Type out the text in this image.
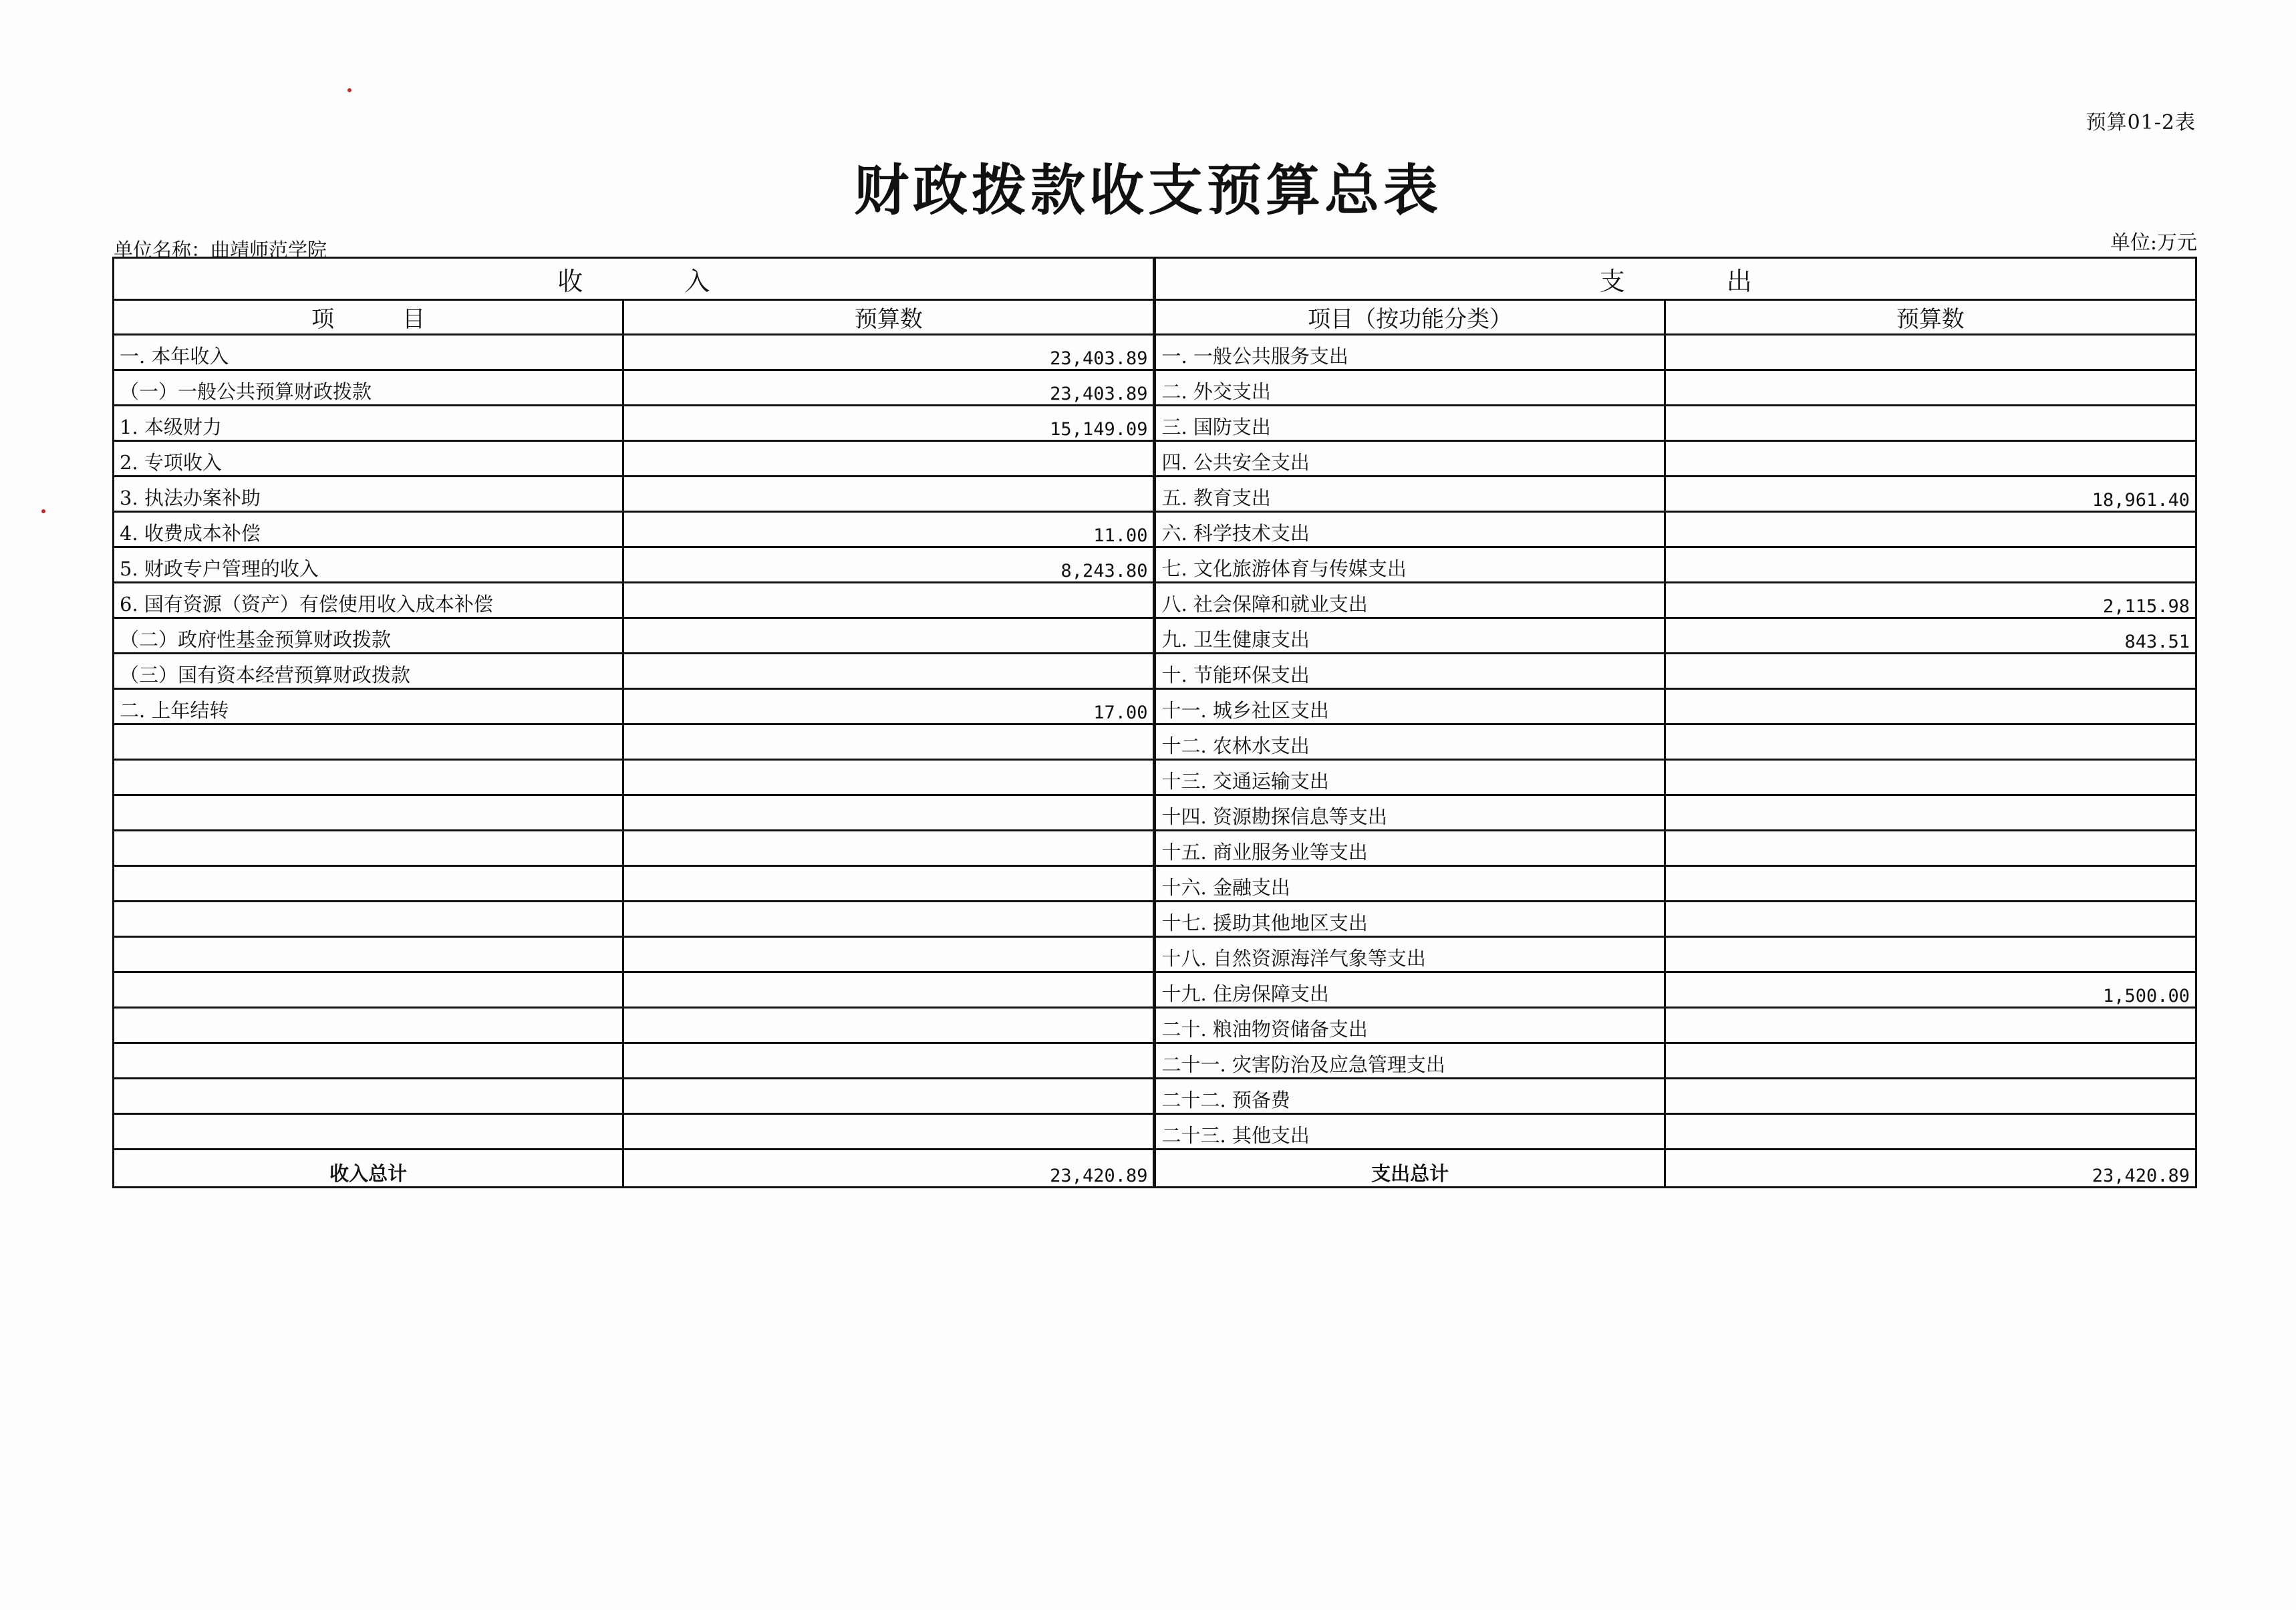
预算01-2表
财政拨款收支预算总表
单位名称：曲靖师范学院	单位:万元
收　　　　入		支　　　　出	
项　　　目	预算数	项目（按功能分类）	预算数
一. 本年收入	23,403.89	一. 一般公共服务支出	
（一）一般公共预算财政拨款	23,403.89	二. 外交支出	
1. 本级财力	15,149.09	三. 国防支出	
2. 专项收入		四. 公共安全支出	
3. 执法办案补助		五. 教育支出	18,961.40
4. 收费成本补偿	11.00	六. 科学技术支出	
5. 财政专户管理的收入	8,243.80	七. 文化旅游体育与传媒支出	
6. 国有资源（资产）有偿使用收入成本补偿		八. 社会保障和就业支出	2,115.98
（二）政府性基金预算财政拨款		九. 卫生健康支出	843.51
（三）国有资本经营预算财政拨款		十. 节能环保支出	
二. 上年结转	17.00	十一. 城乡社区支出	
		十二. 农林水支出	
		十三. 交通运输支出	
		十四. 资源勘探信息等支出	
		十五. 商业服务业等支出	
		十六. 金融支出	
		十七. 援助其他地区支出	
		十八. 自然资源海洋气象等支出	
		十九. 住房保障支出	1,500.00
		二十. 粮油物资储备支出	
		二十一. 灾害防治及应急管理支出	
		二十二. 预备费	
		二十三. 其他支出	
收入总计	23,420.89	支出总计	23,420.89
